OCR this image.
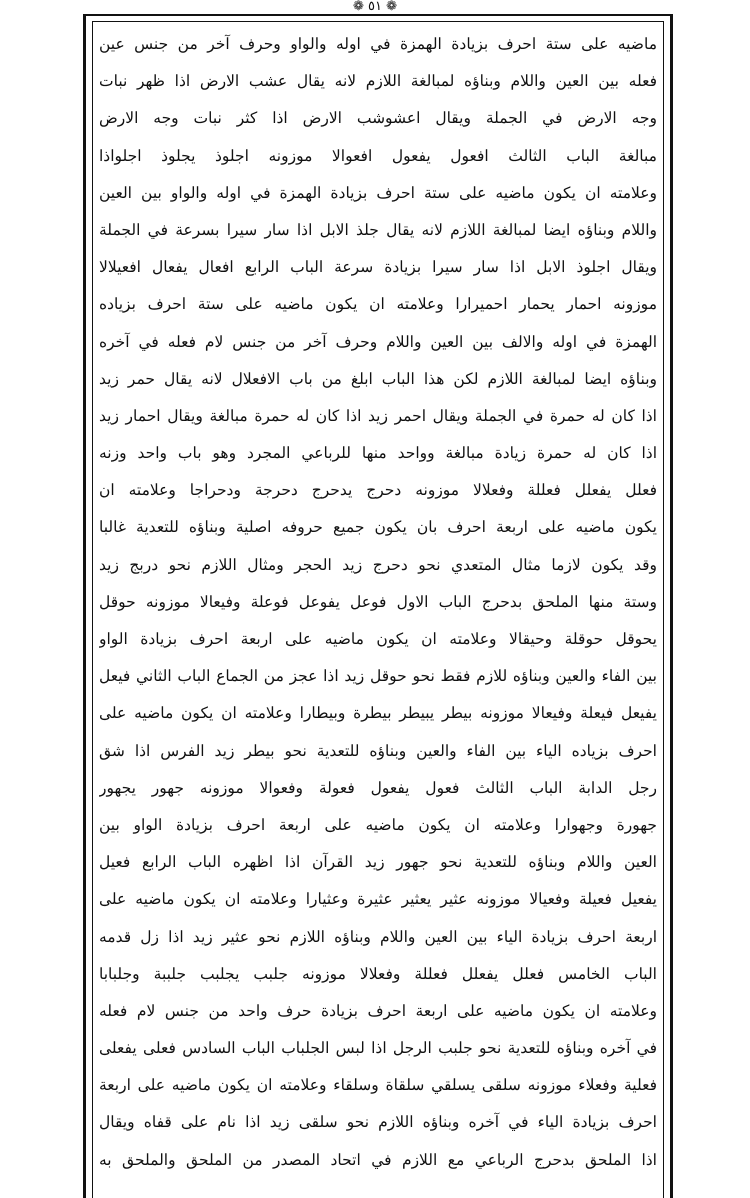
❁ ٥١ ❁
ماضيه على ستة احرف بزيادة الهمزة في اوله والواو وحرف آخر من جنس عين
فعله بين العين واللام وبناؤه لمبالغة اللازم لانه يقال عشب الارض اذا ظهر نبات
وجه الارض في الجملة ويقال اعشوشب الارض اذا كثر نبات وجه الارض
مبالغة الباب الثالث افعول يفعول افعوالا موزونه اجلوذ يجلوذ اجلواذا
وعلامته ان يكون ماضيه على ستة احرف بزيادة الهمزة في اوله والواو بين العين
واللام وبناؤه ايضا لمبالغة اللازم لانه يقال جلذ الابل اذا سار سيرا بسرعة في الجملة
ويقال اجلوذ الابل اذا سار سيرا بزيادة سرعة الباب الرابع افعال يفعال افعيلالا
موزونه احمار يحمار احميرارا وعلامته ان يكون ماضيه على ستة احرف بزياده
الهمزة في اوله والالف بين العين واللام وحرف آخر من جنس لام فعله في آخره
وبناؤه ايضا لمبالغة اللازم لكن هذا الباب ابلغ من باب الافعلال لانه يقال حمر زيد
اذا كان له حمرة في الجملة ويقال احمر زيد اذا كان له حمرة مبالغة ويقال احمار زيد
اذا كان له حمرة زيادة مبالغة وواحد منها للرباعي المجرد وهو باب واحد وزنه
فعلل يفعلل فعللة وفعلالا موزونه دحرج يدحرج دحرجة ودحراجا وعلامته ان
يكون ماضيه على اربعة احرف بان يكون جميع حروفه اصلية وبناؤه للتعدية غالبا
وقد يكون لازما مثال المتعدي نحو دحرج زيد الحجر ومثال اللازم نحو دربج زيد
وستة منها الملحق بدحرج الباب الاول فوعل يفوعل فوعلة وفيعالا موزونه حوقل
يحوقل حوقلة وحيقالا وعلامته ان يكون ماضيه على اربعة احرف بزيادة الواو
بين الفاء والعين وبناؤه للازم فقط نحو حوقل زيد اذا عجز من الجماع الباب الثاني فيعل
يفيعل فيعلة وفيعالا موزونه بيطر يبيطر بيطرة وبيطارا وعلامته ان يكون ماضيه على
احرف بزياده الياء بين الفاء والعين وبناؤه للتعدية نحو بيطر زيد الفرس اذا شق
رجل الدابة الباب الثالث فعول يفعول فعولة وفعوالا موزونه جهور يجهور
جهورة وجهوارا وعلامته ان يكون ماضيه على اربعة احرف بزيادة الواو بين
العين واللام وبناؤه للتعدية نحو جهور زيد القرآن اذا اظهره الباب الرابع فعيل
يفعيل فعيلة وفعيالا موزونه عثير يعثير عثيرة وعثيارا وعلامته ان يكون ماضيه على
اربعة احرف بزيادة الياء بين العين واللام وبناؤه اللازم نحو عثير زيد اذا زل قدمه
الباب الخامس فعلل يفعلل فعللة وفعلالا موزونه جلبب يجلبب جلببة وجلبابا
وعلامته ان يكون ماضيه على اربعة احرف بزيادة حرف واحد من جنس لام فعله
في آخره وبناؤه للتعدية نحو جلبب الرجل اذا لبس الجلباب الباب السادس فعلى يفعلى
فعلية وفعلاء موزونه سلقى يسلقي سلقاة وسلقاء وعلامته ان يكون ماضيه على اربعة
احرف بزيادة الياء في آخره وبناؤه اللازم نحو سلقى زيد اذا نام على قفاه ويقال
اذا الملحق بدحرج الرباعي مع اللازم في اتحاد المصدر من الملحق والملحق به
